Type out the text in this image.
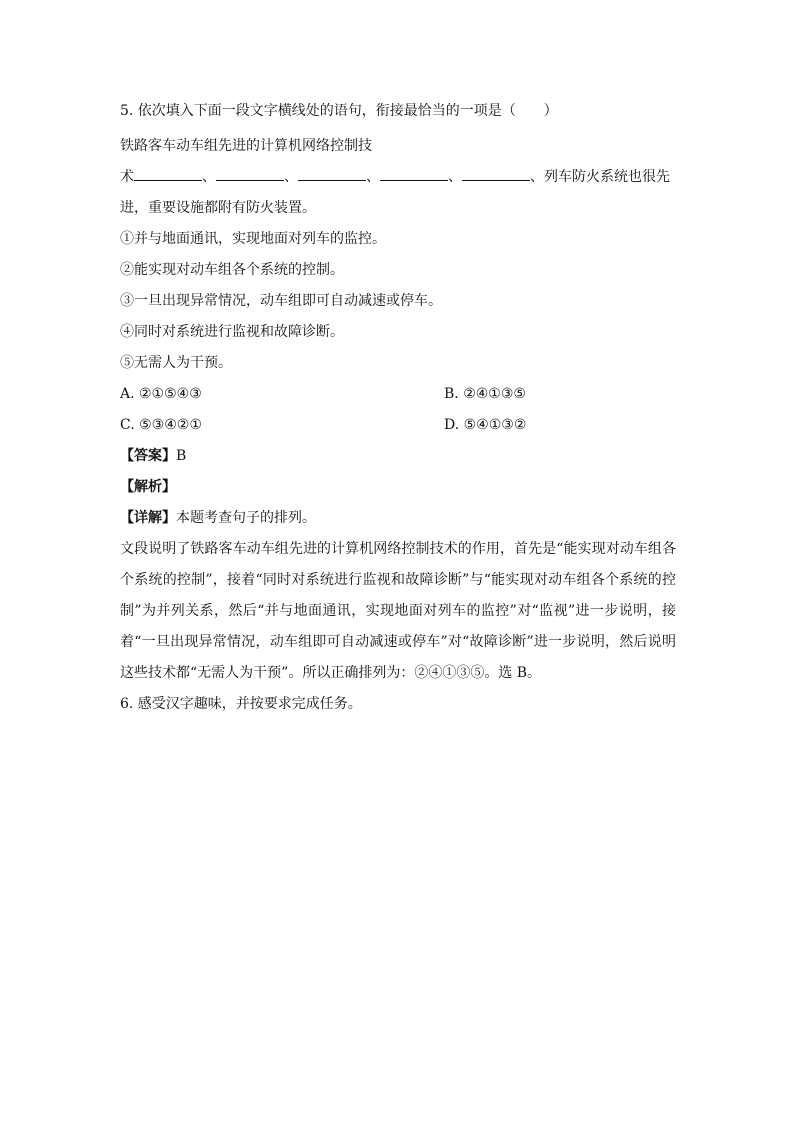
5. 依次填入下面一段文字横线处的语句，衔接最恰当的一项是（　　）
铁路客车动车组先进的计算机网络控制技
术	、	、	、	、	、列车防火系统也很先
进，重要设施都附有防火装置。
①并与地面通讯，实现地面对列车的监控。
②能实现对动车组各个系统的控制。
③一旦出现异常情况，动车组即可自动减速或停车。
④同时对系统进行监视和故障诊断。
⑤无需人为干预。
A. ②①⑤④③	B. ②④①③⑤
C. ⑤③④②①	D. ⑤④①③②
【答案】B
【解析】
【详解】本题考查句子的排列。
文段说明了铁路客车动车组先进的计算机网络控制技术的作用，首先是“能实现对动车组各个系统的控制”，接着“同时对系统进行监视和故障诊断”与“能实现对动车组各个系统的控制”为并列关系，然后“并与地面通讯，实现地面对列车的监控”对“监视”进一步说明，接着“一旦出现异常情况，动车组即可自动减速或停车”对“故障诊断”进一步说明，然后说明这些技术都“无需人为干预”。所以正确排列为：②④①③⑤。选 B。
6. 感受汉字趣味，并按要求完成任务。
